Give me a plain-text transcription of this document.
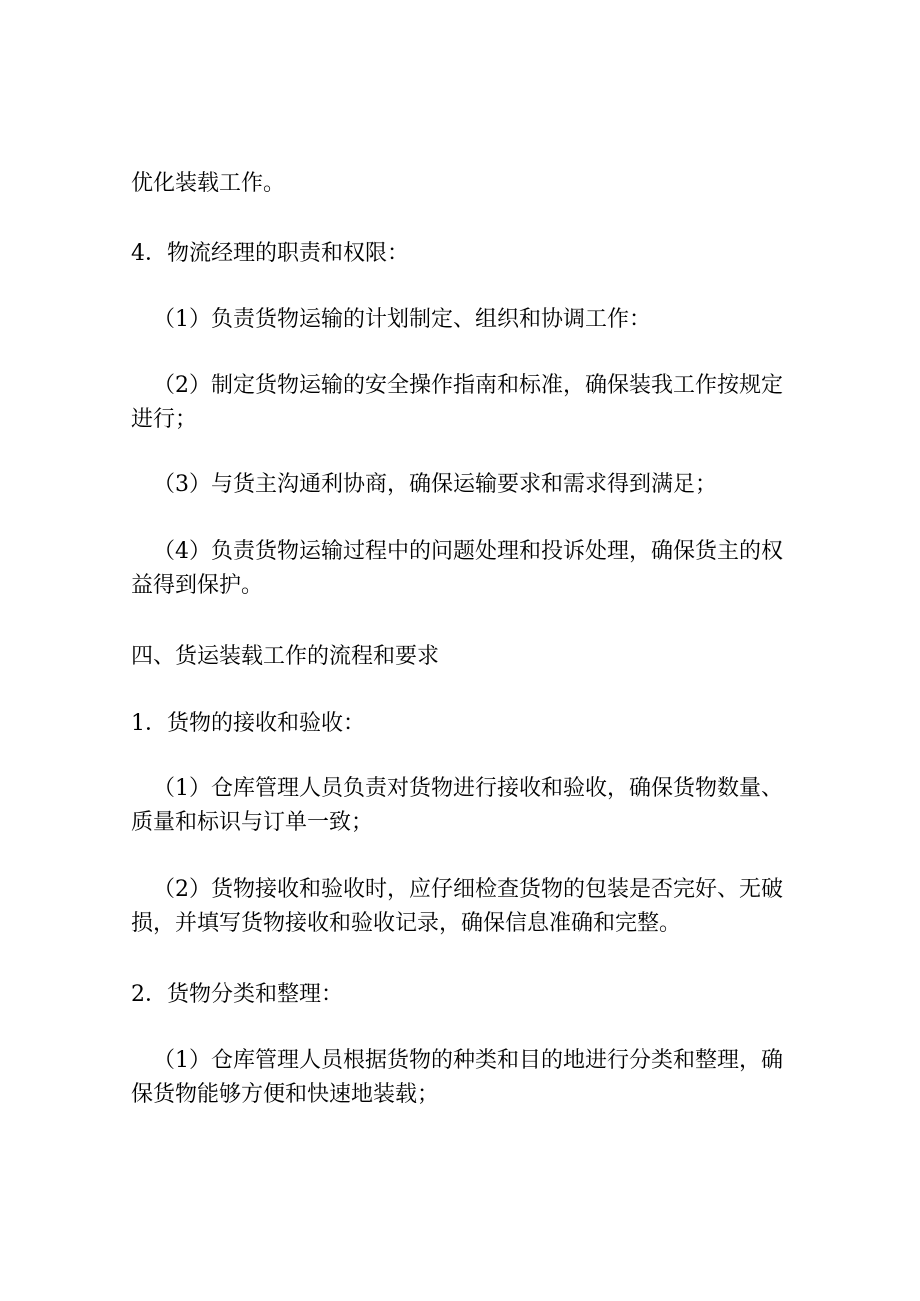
优化装载工作。

4．物流经理的职责和权限：

（1）负责货物运输的计划制定、组织和协调工作：

（2）制定货物运输的安全操作指南和标准，确保装我工作按规定进行；

（3）与货主沟通利协商，确保运输要求和需求得到满足；

（4）负责货物运输过程中的问题处理和投诉处理，确保货主的权益得到保护。

四、货运装载工作的流程和要求

1．货物的接收和验收：

（1）仓库管理人员负责对货物进行接收和验收，确保货物数量、质量和标识与订单一致；

（2）货物接收和验收时，应仔细检查货物的包装是否完好、无破损，并填写货物接收和验收记录，确保信息准确和完整。

2．货物分类和整理：

（1）仓库管理人员根据货物的种类和目的地进行分类和整理，确保货物能够方便和快速地装载；
